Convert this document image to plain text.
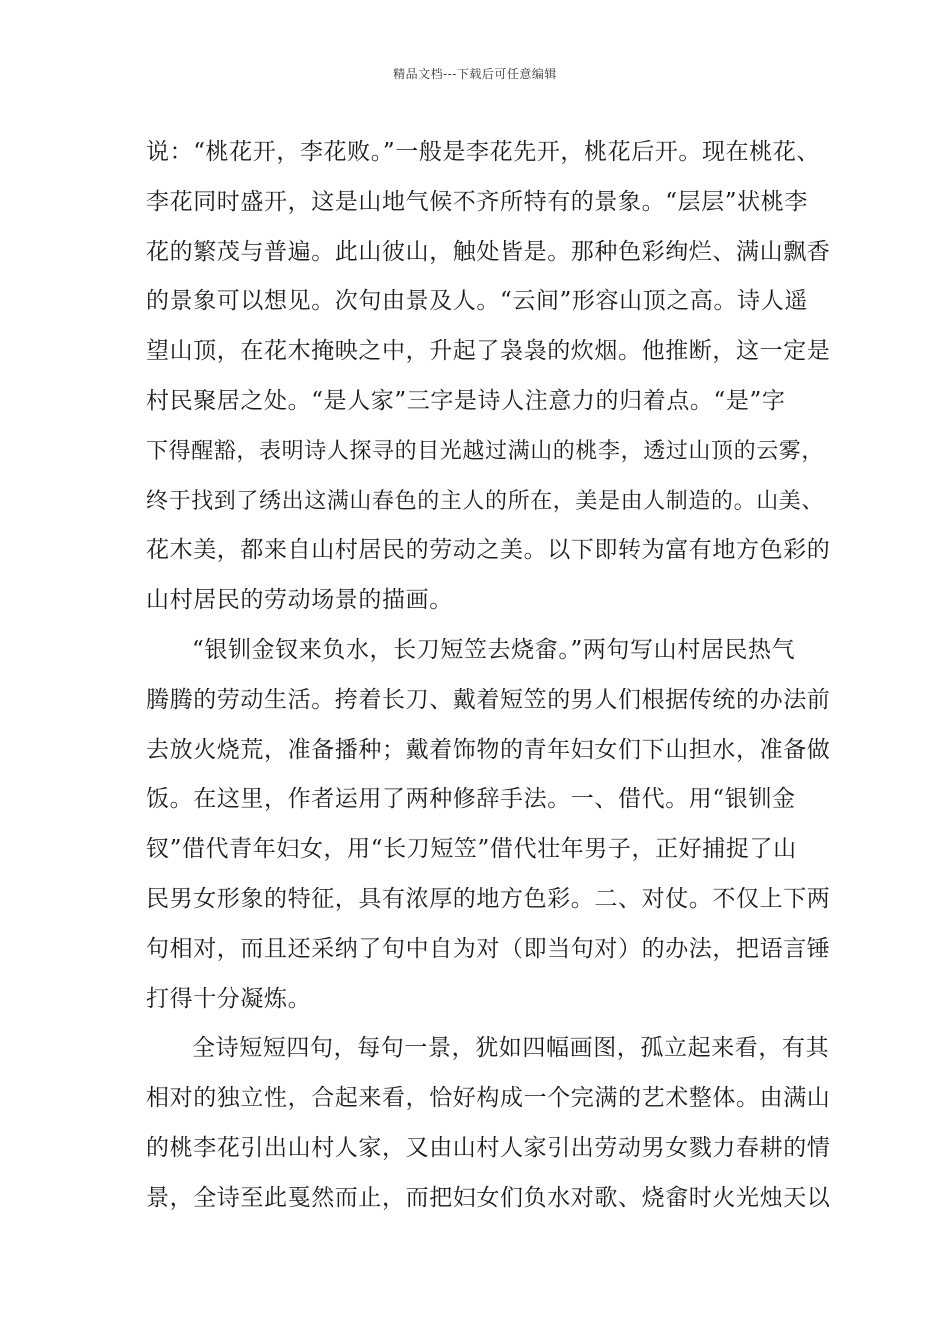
精品文档---下载后可任意编辑
说：“桃花开，李花败。”一般是李花先开，桃花后开。现在桃花、
李花同时盛开，这是山地气候不齐所特有的景象。“层层”状桃李
花的繁茂与普遍。此山彼山，触处皆是。那种色彩绚烂、满山飘香
的景象可以想见。次句由景及人。“云间”形容山顶之高。诗人遥
望山顶，在花木掩映之中，升起了袅袅的炊烟。他推断，这一定是
村民聚居之处。“是人家”三字是诗人注意力的归着点。“是”字
下得醒豁，表明诗人探寻的目光越过满山的桃李，透过山顶的云雾，
终于找到了绣出这满山春色的主人的所在，美是由人制造的。山美、
花木美，都来自山村居民的劳动之美。以下即转为富有地方色彩的
山村居民的劳动场景的描画。
“银钏金钗来负水，长刀短笠去烧畲。”两句写山村居民热气
腾腾的劳动生活。挎着长刀、戴着短笠的男人们根据传统的办法前
去放火烧荒，准备播种；戴着饰物的青年妇女们下山担水，准备做
饭。在这里，作者运用了两种修辞手法。一、借代。用“银钏金
钗”借代青年妇女，用“长刀短笠”借代壮年男子，正好捕捉了山
民男女形象的特征，具有浓厚的地方色彩。二、对仗。不仅上下两
句相对，而且还采纳了句中自为对（即当句对）的办法，把语言锤
打得十分凝炼。
全诗短短四句，每句一景，犹如四幅画图，孤立起来看，有其
相对的独立性，合起来看，恰好构成一个完满的艺术整体。由满山
的桃李花引出山村人家，又由山村人家引出劳动男女戮力春耕的情
景，全诗至此戛然而止，而把妇女们负水对歌、烧畲时火光烛天以
